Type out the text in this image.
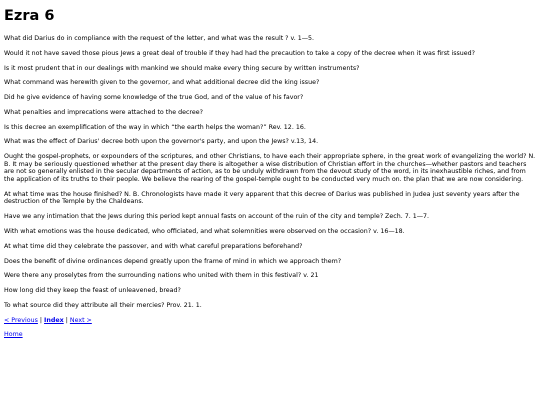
Ezra 6

What did Darius do in compliance with the request of the letter, and what was the result ? v. 1—5.

Would it not have saved those pious Jews a great deal of trouble if they had had the precaution to take a copy of the decree when it was first issued?

Is it most prudent that in our dealings with mankind we should make every thing secure by written instruments?

What command was herewith given to the governor, and what additional decree did the king issue?

Did he give evidence of having some knowledge of the true God, and of the value of his favor?

What penalties and imprecations were attached to the decree?

Is this decree an exemplification of the way in which “the earth helps the woman?” Rev. 12. 16.

What was the effect of Darius' decree both upon the governor's party, and upon the Jews? v.13, 14.

Ought the gospel-prophets, or expounders of the scriptures, and other Christians, to have each their appropriate sphere, in the great work of evangelizing the world? N. B. It may be seriously questioned whether at the present day there is altogether a wise distribution of Christian effort in the churches—whether pastors and teachers are not so generally enlisted in the secular departments of action, as to be unduly withdrawn from the devout study of the word, in its inexhaustible riches, and from the application of its truths to their people. We believe the rearing of the gospel-temple ought to be conducted very much on. the plan that we are now considering.

At what time was the house finished? N. B. Chronologists have made it very apparent that this decree of Darius was published in Judea just seventy years after the destruction of the Temple by the Chaldeans.

Have we any intimation that the Jews during this period kept annual fasts on account of the ruin of the city and temple? Zech. 7. 1—7.

With what emotions was the house dedicated, who officiated, and what solemnities were observed on the occasion? v. 16—18.

At what time did they celebrate the passover, and with what careful preparations beforehand?

Does the benefit of divine ordinances depend greatly upon the frame of mind in which we approach them?

Were there any proselytes from the surrounding nations who united with them in this festival? v. 21

How long did they keep the feast of unleavened, bread?

To what source did they attribute all their mercies? Prov. 21. 1.

< Previous | Index | Next >
Home
